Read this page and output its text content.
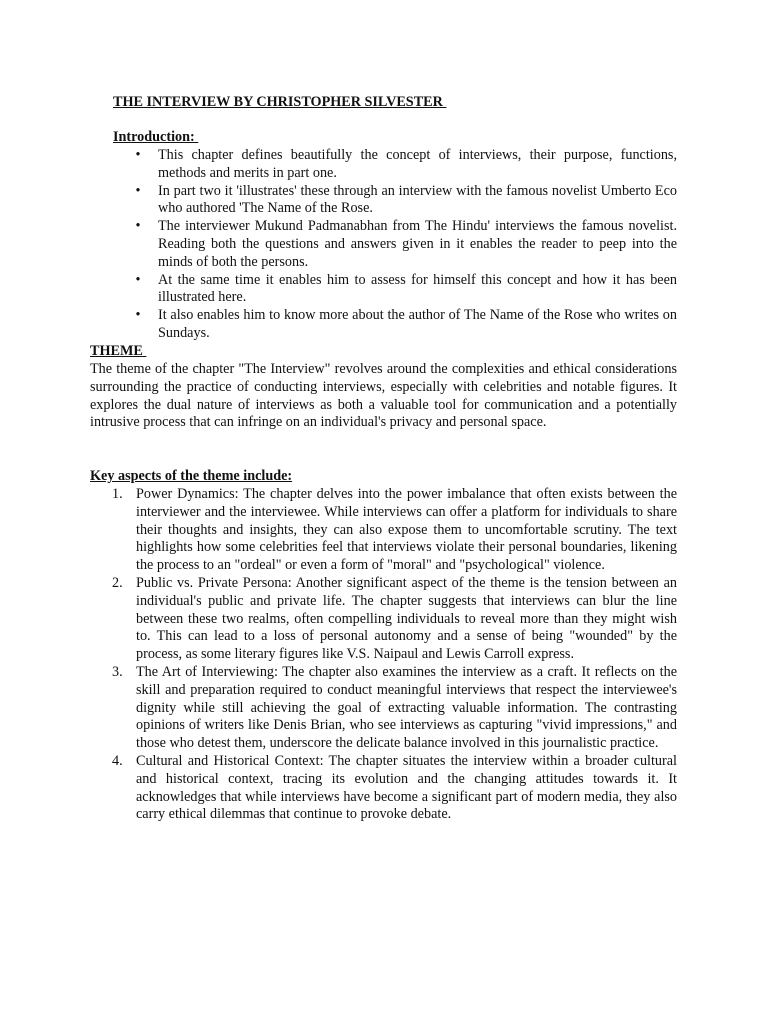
THE INTERVIEW BY CHRISTOPHER SILVESTER
Introduction:
• This chapter defines beautifully the concept of interviews, their purpose, functions, methods and merits in part one.
• In part two it 'illustrates' these through an interview with the famous novelist Umberto Eco who authored 'The Name of the Rose.
• The interviewer Mukund Padmanabhan from The Hindu' interviews the famous novelist. Reading both the questions and answers given in it enables the reader to peep into the minds of both the persons.
• At the same time it enables him to assess for himself this concept and how it has been illustrated here.
• It also enables him to know more about the author of The Name of the Rose who writes on Sundays.
THEME

The theme of the chapter "The Interview" revolves around the complexities and ethical considerations surrounding the practice of conducting interviews, especially with celebrities and notable figures. It explores the dual nature of interviews as both a valuable tool for communication and a potentially intrusive process that can infringe on an individual's privacy and personal space.

Key aspects of the theme include:
1. Power Dynamics: The chapter delves into the power imbalance that often exists between the interviewer and the interviewee. While interviews can offer a platform for individuals to share their thoughts and insights, they can also expose them to uncomfortable scrutiny. The text highlights how some celebrities feel that interviews violate their personal boundaries, likening the process to an "ordeal" or even a form of "moral" and "psychological" violence.
2. Public vs. Private Persona: Another significant aspect of the theme is the tension between an individual's public and private life. The chapter suggests that interviews can blur the line between these two realms, often compelling individuals to reveal more than they might wish to. This can lead to a loss of personal autonomy and a sense of being "wounded" by the process, as some literary figures like V.S. Naipaul and Lewis Carroll express.
3. The Art of Interviewing: The chapter also examines the interview as a craft. It reflects on the skill and preparation required to conduct meaningful interviews that respect the interviewee's dignity while still achieving the goal of extracting valuable information. The contrasting opinions of writers like Denis Brian, who see interviews as capturing "vivid impressions," and those who detest them, underscore the delicate balance involved in this journalistic practice.
4. Cultural and Historical Context: The chapter situates the interview within a broader cultural and historical context, tracing its evolution and the changing attitudes towards it. It acknowledges that while interviews have become a significant part of modern media, they also carry ethical dilemmas that continue to provoke debate.
